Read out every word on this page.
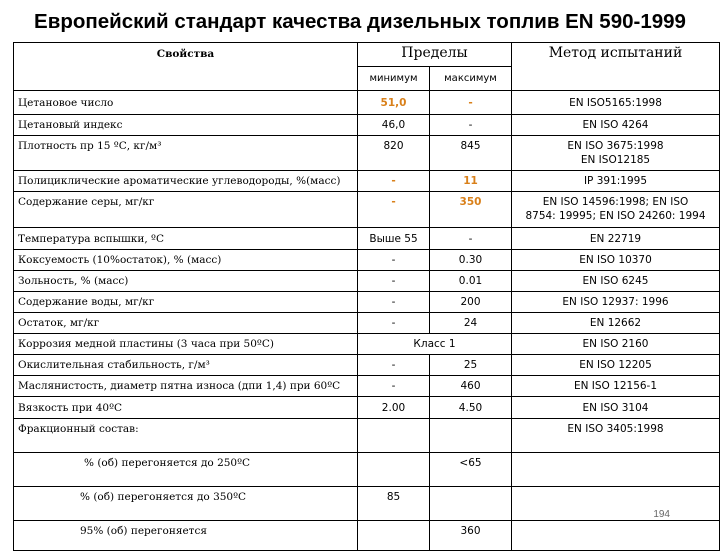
Европейский стандарт качества дизельных топлив EN 590-1999
Свойства	Пределы		Метод испытаний
	минимум	максимум	
Цетановое число	51,0	-	EN ISO5165:1998
Цетановый индекс	46,0	-	EN ISO 4264
Плотность пр 15 ºС, кг/м³	820	845	EN ISO 3675:1998
EN ISO12185
Полициклические ароматические углеводороды, %(масс)	-	11	IP 391:1995
Содержание серы, мг/кг	-	350	EN ISO 14596:1998; EN ISO
8754: 19995; EN ISO 24260: 1994
Температура вспышки, ºС	Выше 55	-	EN 22719
Коксуемость (10%остаток), % (масс)	-	0.30	EN ISO 10370
Зольность, % (масс)	-	0.01	EN ISO 6245
Содержание воды, мг/кг	-	200	EN ISO 12937: 1996
Остаток, мг/кг	-	24	EN 12662
Коррозия медной пластины (3 часа при 50ºС)	Класс 1		EN ISO 2160
Окислительная стабильность, г/м³	-	25	EN ISO 12205
Маслянистость, диаметр пятна износа (дпи 1,4) при 60ºС	-	460	EN ISO 12156-1
Вязкость при 40ºС	2.00	4.50	EN ISO 3104
Фракционный состав:			EN ISO 3405:1998
% (об) перегоняется до 250ºС		<65	
% (об) перегоняется до 350ºС	85		
95% (об) перегоняется		360	
194
